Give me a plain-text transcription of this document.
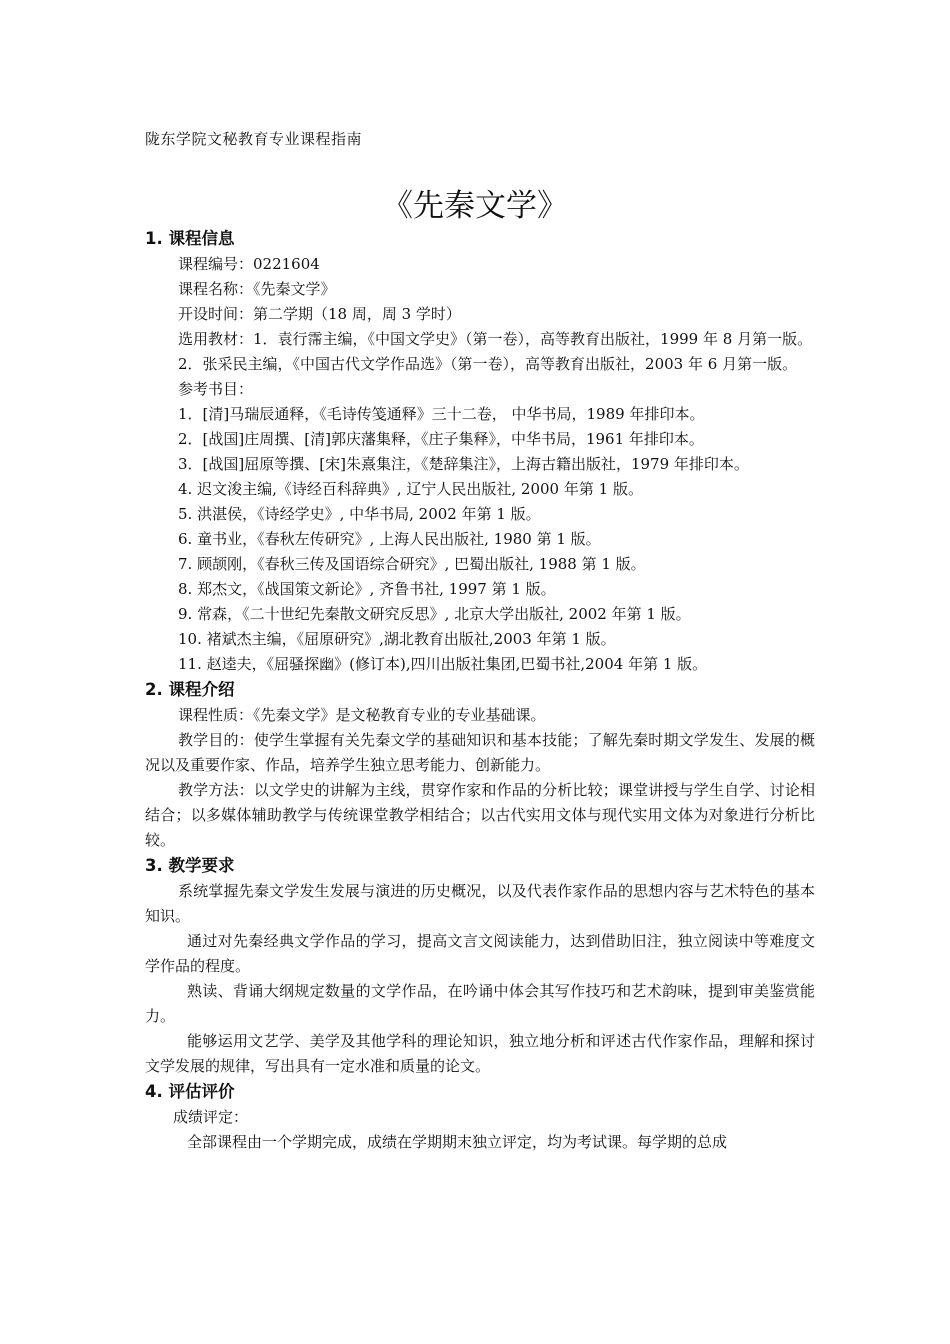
陇东学院文秘教育专业课程指南
《先秦文学》
1. 课程信息

课程编号：0221604

课程名称：《先秦文学》

开设时间：第二学期（18 周，周 3 学时）

选用教材：1．袁行霈主编，《中国文学史》（第一卷），高等教育出版社，1999 年 8 月第一版。

2．张采民主编，《中国古代文学作品选》（第一卷），高等教育出版社，2003 年 6 月第一版。

参考书目：

1．[清]马瑞辰通释，《毛诗传笺通释》三十二卷， 中华书局，1989 年排印本。

2．[战国]庄周撰、[清]郭庆藩集释，《庄子集释》，中华书局，1961 年排印本。

3．[战国]屈原等撰、[宋]朱熹集注，《楚辞集注》，上海古籍出版社，1979 年排印本。

4. 迟文浚主编,《诗经百科辞典》, 辽宁人民出版社, 2000 年第 1 版。

5. 洪湛侯，《诗经学史》, 中华书局, 2002 年第 1 版。

6. 童书业，《春秋左传研究》, 上海人民出版社, 1980 第 1 版。

7. 顾颉刚，《春秋三传及国语综合研究》, 巴蜀出版社, 1988 第 1 版。

8. 郑杰文，《战国策文新论》, 齐鲁书社, 1997 第 1 版。

9. 常森，《二十世纪先秦散文研究反思》, 北京大学出版社, 2002 年第 1 版。

10. 褚斌杰主编，《屈原研究》,湖北教育出版社,2003 年第 1 版。

11. 赵逵夫，《屈骚探幽》(修订本),四川出版社集团,巴蜀书社,2004 年第 1 版。

2. 课程介绍

课程性质：《先秦文学》是文秘教育专业的专业基础课。

教学目的：使学生掌握有关先秦文学的基础知识和基本技能；了解先秦时期文学发生、发展的概况以及重要作家、作品，培养学生独立思考能力、创新能力。

教学方法：以文学史的讲解为主线，贯穿作家和作品的分析比较；课堂讲授与学生自学、讨论相结合；以多媒体辅助教学与传统课堂教学相结合；以古代实用文体与现代实用文体为对象进行分析比较。

3. 教学要求

系统掌握先秦文学发生发展与演进的历史概况，以及代表作家作品的思想内容与艺术特色的基本知识。

通过对先秦经典文学作品的学习，提高文言文阅读能力，达到借助旧注，独立阅读中等难度文学作品的程度。

熟读、背诵大纲规定数量的文学作品，在吟诵中体会其写作技巧和艺术韵味，提到审美鉴赏能力。

能够运用文艺学、美学及其他学科的理论知识，独立地分析和评述古代作家作品，理解和探讨文学发展的规律，写出具有一定水准和质量的论文。

4. 评估评价

成绩评定：

全部课程由一个学期完成，成绩在学期期末独立评定，均为考试课。每学期的总成
